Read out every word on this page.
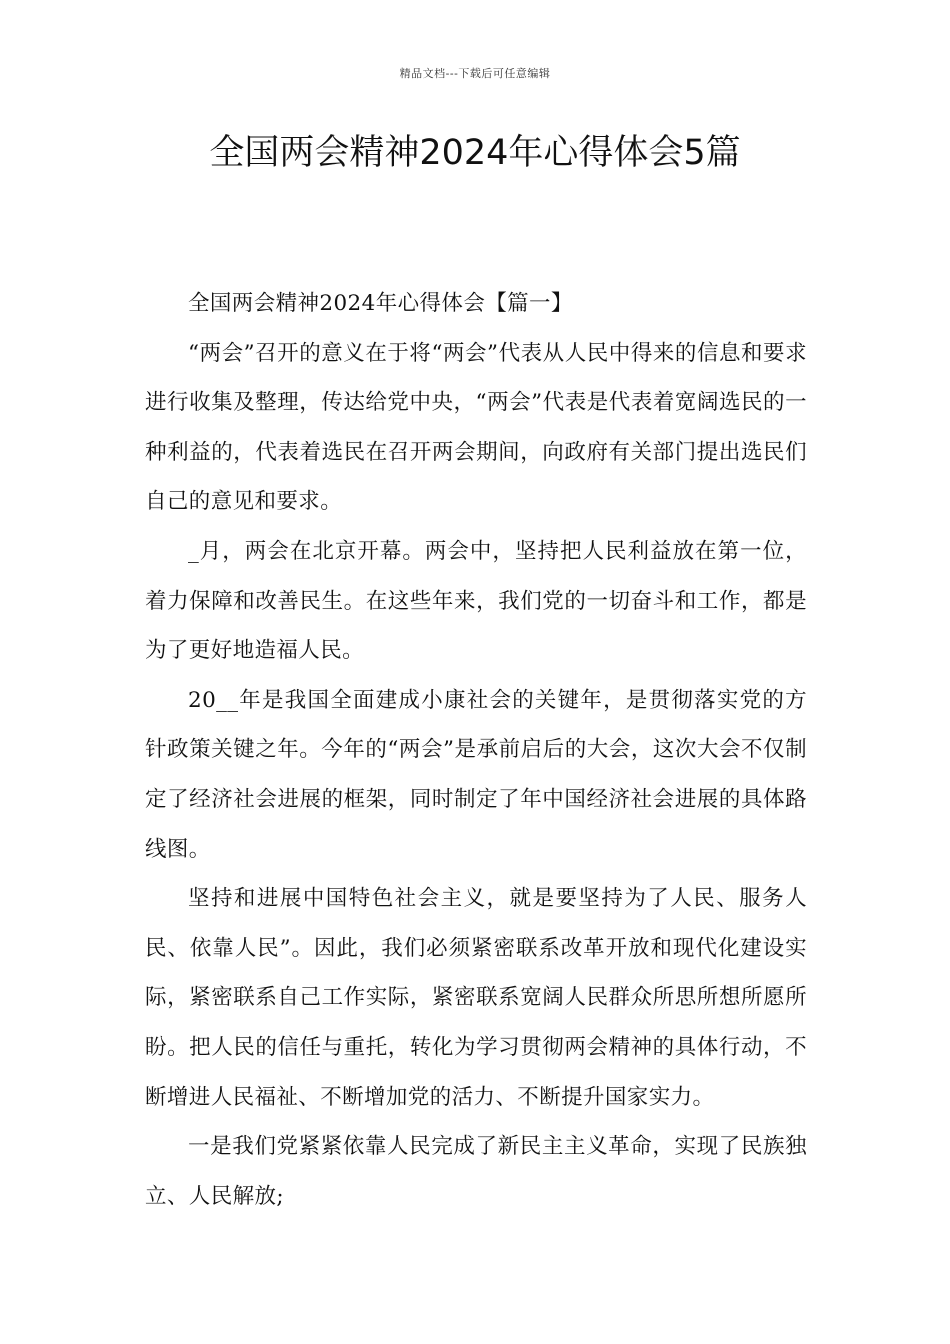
精品文档---下载后可任意编辑
全国两会精神2024年心得体会5篇

全国两会精神2024年心得体会【篇一】

“两会”召开的意义在于将“两会”代表从人民中得来的信息和要求进行收集及整理，传达给党中央，“两会”代表是代表着宽阔选民的一种利益的，代表着选民在召开两会期间，向政府有关部门提出选民们自己的意见和要求。

_月，两会在北京开幕。两会中，坚持把人民利益放在第一位，着力保障和改善民生。在这些年来，我们党的一切奋斗和工作，都是为了更好地造福人民。

20__年是我国全面建成小康社会的关键年，是贯彻落实党的方针政策关键之年。今年的“两会”是承前启后的大会，这次大会不仅制定了经济社会进展的框架，同时制定了年中国经济社会进展的具体路线图。

坚持和进展中国特色社会主义，就是要坚持为了人民、服务人民、依靠人民”。因此，我们必须紧密联系改革开放和现代化建设实际，紧密联系自己工作实际，紧密联系宽阔人民群众所思所想所愿所盼。把人民的信任与重托，转化为学习贯彻两会精神的具体行动，不断增进人民福祉、不断增加党的活力、不断提升国家实力。

一是我们党紧紧依靠人民完成了新民主主义革命，实现了民族独立、人民解放;
